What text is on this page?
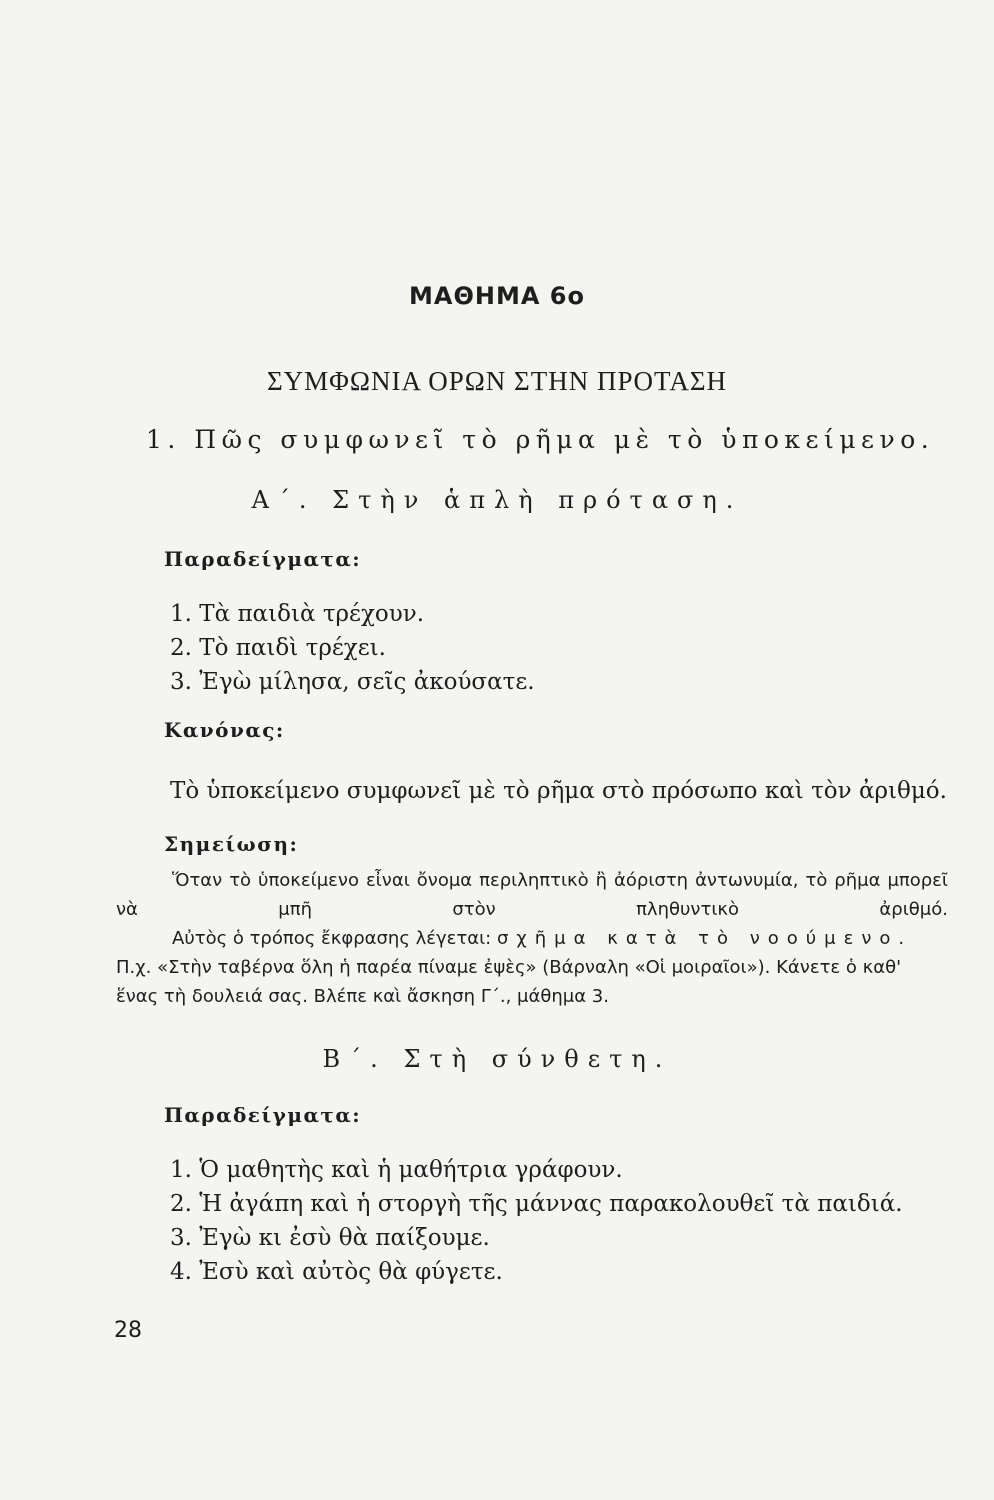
ΜΑΘΗΜΑ 6ο
ΣΥΜΦΩΝΙΑ ΟΡΩΝ ΣΤΗΝ ΠΡΟΤΑΣΗ
1. Πῶς συμφωνεῖ τὸ ρῆμα μὲ τὸ ὑποκείμενο.
Α΄. Στὴν ἁπλὴ πρόταση.
Παραδείγματα:
1. Τὰ παιδιὰ τρέχουν.
2. Τὸ παιδὶ τρέχει.
3. Ἐγὼ μίλησα, σεῖς ἀκούσατε.
Κανόνας:
Τὸ ὑποκείμενο συμφωνεῖ μὲ τὸ ρῆμα στὸ πρόσωπο καὶ τὸν ἀριθμό.
Σημείωση:

Ὅταν τὸ ὑποκείμενο εἶναι ὄνομα περιληπτικὸ ἢ ἀόριστη ἀντωνυμία, τὸ ρῆμα μπορεῖ νὰ μπῆ στὸν πληθυντικὸ ἀριθμό.

Αὐτὸς ὁ τρόπος ἔκφρασης λέγεται: σχῆμα κατὰ τὸ νοούμενο. Π.χ. «Στὴν ταβέρνα ὅλη ἡ παρέα πίναμε ἐψὲς» (Βάρναλη «Οἱ μοιραῖοι»). Κάνετε ὁ καθ' ἕνας τὴ δουλειά σας. Βλέπε καὶ ἄσκηση Γ΄., μάθημα 3.

Β΄. Στὴ σύνθετη.
Παραδείγματα:
1. Ὁ μαθητὴς καὶ ἡ μαθήτρια γράφουν.
2. Ἡ ἀγάπη καὶ ἡ στοργὴ τῆς μάννας παρακολουθεῖ τὰ παιδιά.
3. Ἐγὼ κι ἐσὺ θὰ παίξουμε.
4. Ἐσὺ καὶ αὐτὸς θὰ φύγετε.
28
